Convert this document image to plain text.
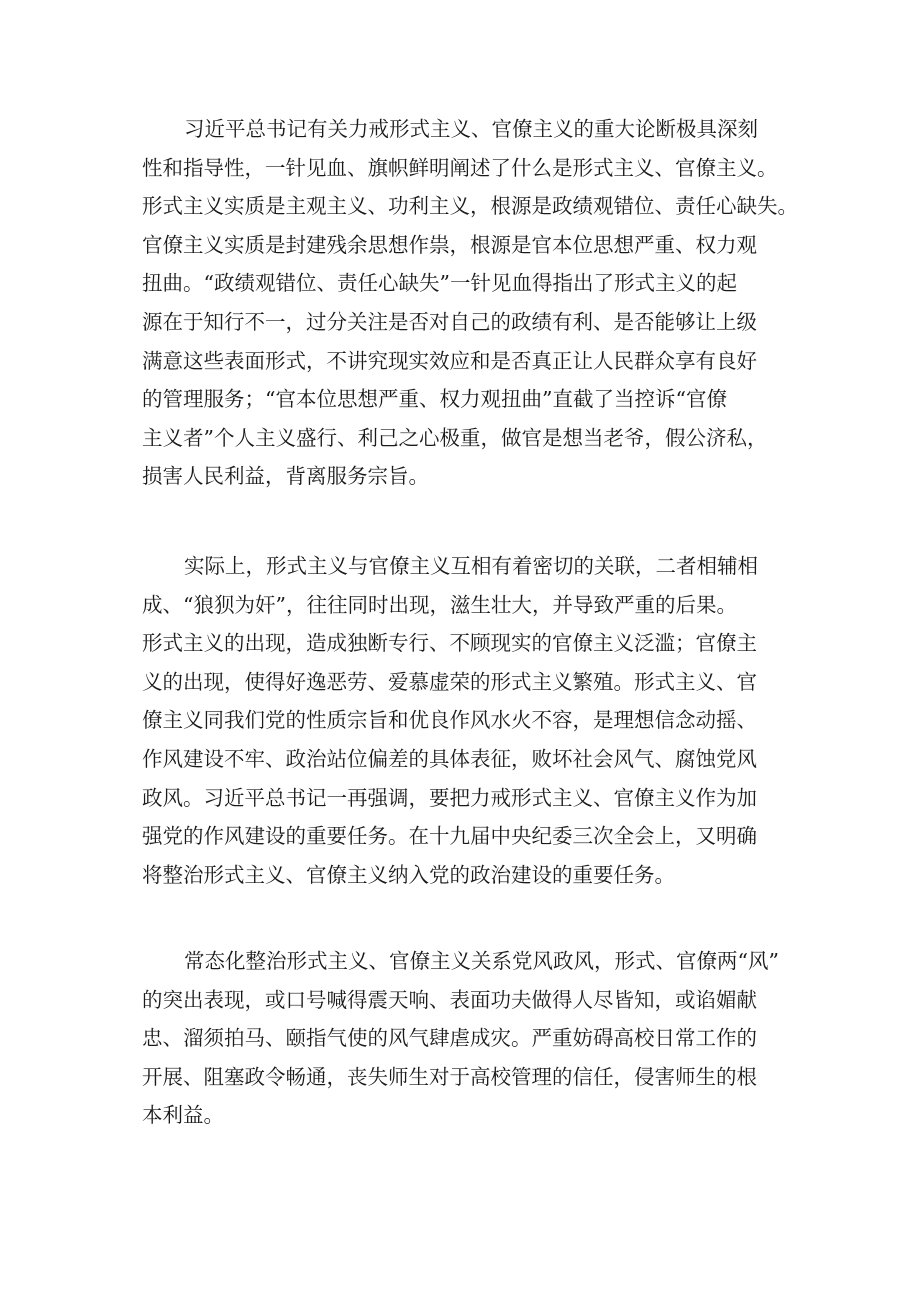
习近平总书记有关力戒形式主义、官僚主义的重大论断极具深刻
性和指导性，一针见血、旗帜鲜明阐述了什么是形式主义、官僚主义。
形式主义实质是主观主义、功利主义，根源是政绩观错位、责任心缺失。
官僚主义实质是封建残余思想作祟，根源是官本位思想严重、权力观
扭曲。“政绩观错位、责任心缺失”一针见血得指出了形式主义的起
源在于知行不一，过分关注是否对自己的政绩有利、是否能够让上级
满意这些表面形式，不讲究现实效应和是否真正让人民群众享有良好
的管理服务；“官本位思想严重、权力观扭曲”直截了当控诉“官僚
主义者”个人主义盛行、利己之心极重，做官是想当老爷，假公济私，
损害人民利益，背离服务宗旨。
实际上，形式主义与官僚主义互相有着密切的关联，二者相辅相
成、“狼狈为奸”，往往同时出现，滋生壮大，并导致严重的后果。
形式主义的出现，造成独断专行、不顾现实的官僚主义泛滥；官僚主
义的出现，使得好逸恶劳、爱慕虚荣的形式主义繁殖。形式主义、官
僚主义同我们党的性质宗旨和优良作风水火不容，是理想信念动摇、
作风建设不牢、政治站位偏差的具体表征，败坏社会风气、腐蚀党风
政风。习近平总书记一再强调，要把力戒形式主义、官僚主义作为加
强党的作风建设的重要任务。在十九届中央纪委三次全会上，又明确
将整治形式主义、官僚主义纳入党的政治建设的重要任务。
常态化整治形式主义、官僚主义关系党风政风，形式、官僚两“风”
的突出表现，或口号喊得震天响、表面功夫做得人尽皆知，或谄媚献
忠、溜须拍马、颐指气使的风气肆虐成灾。严重妨碍高校日常工作的
开展、阻塞政令畅通，丧失师生对于高校管理的信任，侵害师生的根
本利益。
